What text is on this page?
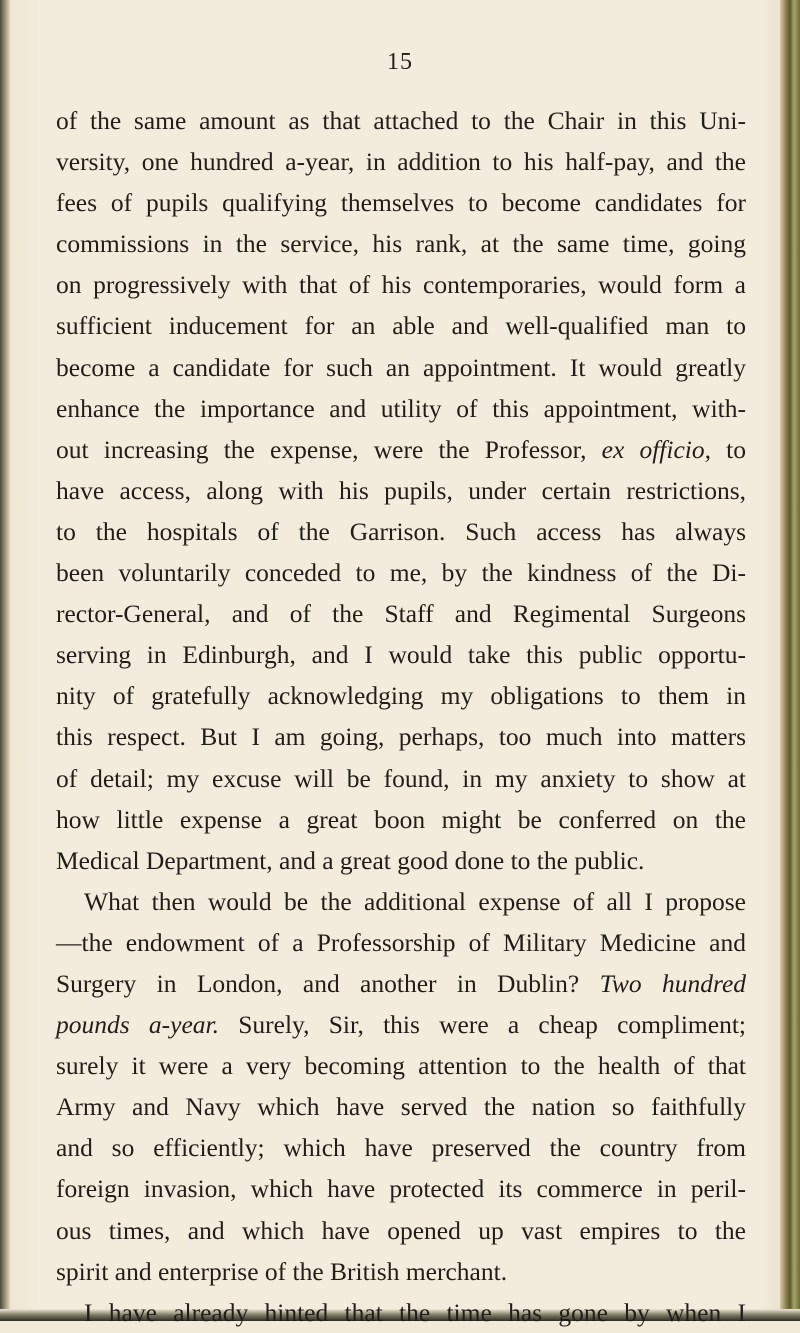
15
of the same amount as that attached to the Chair in this Uni-
versity, one hundred a-year, in addition to his half-pay, and the
fees of pupils qualifying themselves to become candidates for
commissions in the service, his rank, at the same time, going
on progressively with that of his contemporaries, would form a
sufficient inducement for an able and well-qualified man to
become a candidate for such an appointment. It would greatly
enhance the importance and utility of this appointment, with-
out increasing the expense, were the Professor, ex officio, to
have access, along with his pupils, under certain restrictions,
to the hospitals of the Garrison. Such access has always
been voluntarily conceded to me, by the kindness of the Di-
rector-General, and of the Staff and Regimental Surgeons
serving in Edinburgh, and I would take this public opportu-
nity of gratefully acknowledging my obligations to them in
this respect. But I am going, perhaps, too much into matters
of detail; my excuse will be found, in my anxiety to show at
how little expense a great boon might be conferred on the
Medical Department, and a great good done to the public.
What then would be the additional expense of all I propose
—the endowment of a Professorship of Military Medicine and
Surgery in London, and another in Dublin? Two hundred
pounds a-year. Surely, Sir, this were a cheap compliment;
surely it were a very becoming attention to the health of that
Army and Navy which have served the nation so faithfully
and so efficiently; which have preserved the country from
foreign invasion, which have protected its commerce in peril-
ous times, and which have opened up vast empires to the
spirit and enterprise of the British merchant.
I have already hinted that the time has gone by when I
